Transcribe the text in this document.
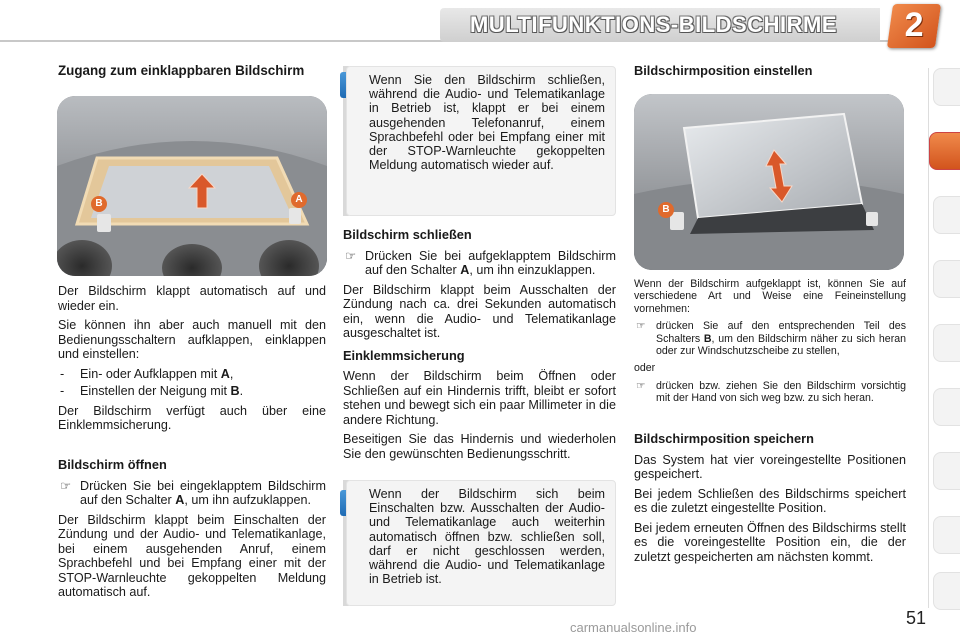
MULTIFUNKTIONS-BILDSCHIRME	2
Zugang zum einklappbaren Bildschirm
B	A

Der Bildschirm klappt automatisch auf und wieder ein.

Sie können ihn aber auch manuell mit den Bedienungsschaltern aufklappen, einklappen und einstellen:

- Ein- oder Aufklappen mit A,
- Einstellen der Neigung mit B.

Der Bildschirm verfügt auch über eine Einklemmsicherung.

Bildschirm öffnen
☞ Drücken Sie bei eingeklapptem Bildschirm auf den Schalter A, um ihn aufzuklappen.

Der Bildschirm klappt beim Einschalten der Zündung und der Audio- und Telematikanlage, bei einem ausgehenden Anruf, einem Sprachbefehl und bei Empfang einer mit der STOP-Warnleuchte gekoppelten Meldung automatisch auf.

Wenn Sie den Bildschirm schließen, während die Audio- und Telematikanlage in Betrieb ist, klappt er bei einem ausgehenden Telefonanruf, einem Sprachbefehl oder bei Empfang einer mit der STOP-Warnleuchte gekoppelten Meldung automatisch wieder auf.
Bildschirm schließen
☞ Drücken Sie bei aufgeklapptem Bildschirm auf den Schalter A, um ihn einzuklappen.

Der Bildschirm klappt beim Ausschalten der Zündung nach ca. drei Sekunden automatisch ein, wenn die Audio- und Telematikanlage ausgeschaltet ist.

Einklemmsicherung

Wenn der Bildschirm beim Öffnen oder Schließen auf ein Hindernis trifft, bleibt er sofort stehen und bewegt sich ein paar Millimeter in die andere Richtung.

Beseitigen Sie das Hindernis und wiederholen Sie den gewünschten Bedienungsschritt.

Wenn der Bildschirm sich beim Einschalten bzw. Ausschalten der Audio- und Telematikanlage auch weiterhin automatisch öffnen bzw. schließen soll, darf er nicht geschlossen werden, während die Audio- und Telematikanlage in Betrieb ist.
Bildschirmposition einstellen
B

Wenn der Bildschirm aufgeklappt ist, können Sie auf verschiedene Art und Weise eine Feineinstellung vornehmen:

☞ drücken Sie auf den entsprechenden Teil des Schalters B, um den Bildschirm näher zu sich heran oder zur Windschutzscheibe zu stellen,

oder

☞ drücken bzw. ziehen Sie den Bildschirm vorsichtig mit der Hand von sich weg bzw. zu sich heran.
Bildschirmposition speichern

Das System hat vier voreingestellte Positionen gespeichert.

Bei jedem Schließen des Bildschirms speichert es die zuletzt eingestellte Position.

Bei jedem erneuten Öffnen des Bildschirms stellt es die voreingestellte Position ein, die der zuletzt gespeicherten am nächsten kommt.

51
carmanualsonline.info
